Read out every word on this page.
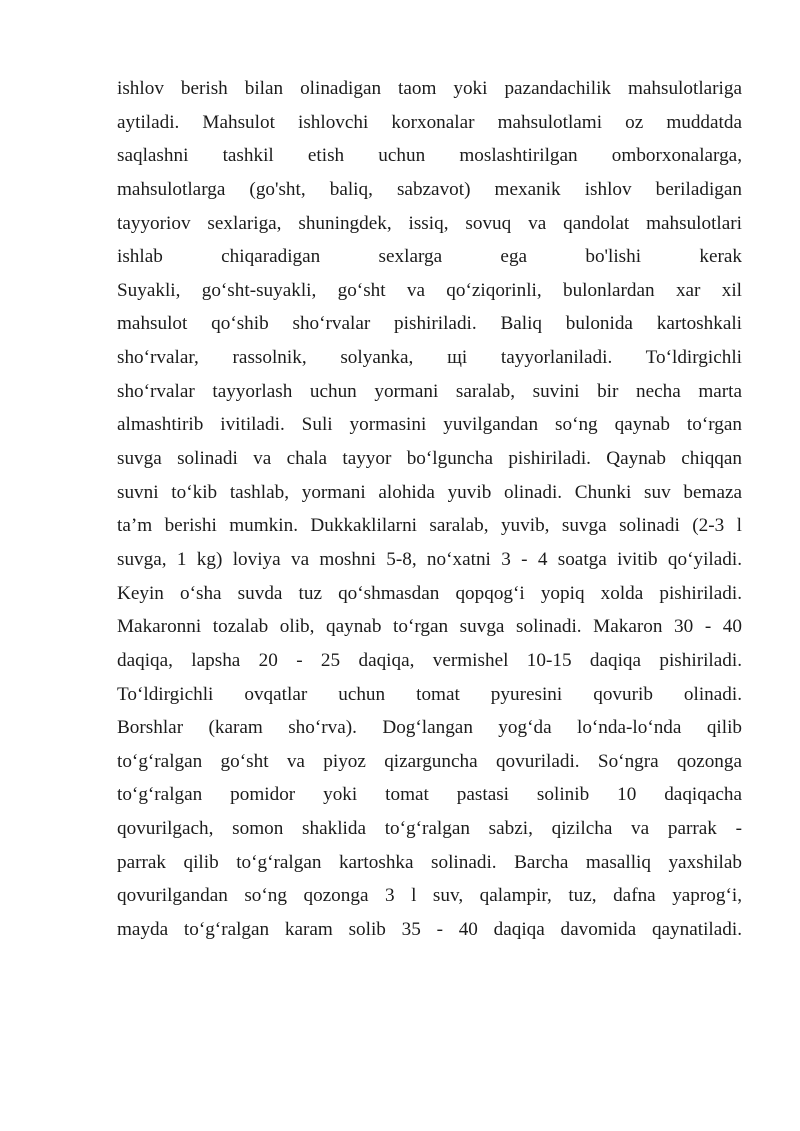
ishlov berish bilan olinadigan taom yoki pazandachilik mahsulotlariga
aytiladi. Mahsulot ishlovchi korxonalar mahsulotlami oz muddatda
saqlashni tashkil etish uchun moslashtirilgan omborxonalarga,
mahsulotlarga (go'sht, baliq, sabzavot) mexanik ishlov beriladigan
tayyoriov sexlariga, shuningdek, issiq, sovuq va qandolat mahsulotlari
ishlab chiqaradigan sexlarga ega bo'lishi kerak
Suyakli, go‘sht-suyakli, go‘sht va qo‘ziqorinli, bulonlardan xar xil
mahsulot qo‘shib sho‘rvalar pishiriladi. Baliq bulonida kartoshkali
sho‘rvalar, rassolnik, solyanka, щi tayyorlaniladi. To‘ldirgichli
sho‘rvalar tayyorlash uchun yormani saralab, suvini bir necha marta
almashtirib ivitiladi. Suli yormasini yuvilgandan so‘ng qaynab to‘rgan
suvga solinadi va chala tayyor bo‘lguncha pishiriladi. Qaynab chiqqan
suvni to‘kib tashlab, yormani alohida yuvib olinadi. Chunki suv bemaza
ta’m berishi mumkin. Dukkaklilarni saralab, yuvib, suvga solinadi (2-3 l
suvga, 1 kg) loviya va moshni 5-8, no‘xatni 3 - 4 soatga ivitib qo‘yiladi.
Keyin o‘sha suvda tuz qo‘shmasdan qopqog‘i yopiq xolda pishiriladi.
Makaronni tozalab olib, qaynab to‘rgan suvga solinadi. Makaron 30 - 40
daqiqa, lapsha 20 - 25 daqiqa, vermishel 10-15 daqiqa pishiriladi.
To‘ldirgichli ovqatlar uchun tomat pyuresini qovurib olinadi.
Borshlar (karam sho‘rva). Dog‘langan yog‘da lo‘nda-lo‘nda qilib
to‘g‘ralgan go‘sht va piyoz qizarguncha qovuriladi. So‘ngra qozonga
to‘g‘ralgan pomidor yoki tomat pastasi solinib 10 daqiqacha
qovurilgach, somon shaklida to‘g‘ralgan sabzi, qizilcha va parrak -
parrak qilib to‘g‘ralgan kartoshka solinadi. Barcha masalliq yaxshilab
qovurilgandan so‘ng qozonga 3 l suv, qalampir, tuz, dafna yaprog‘i,
mayda to‘g‘ralgan karam solib 35 - 40 daqiqa davomida qaynatiladi.
